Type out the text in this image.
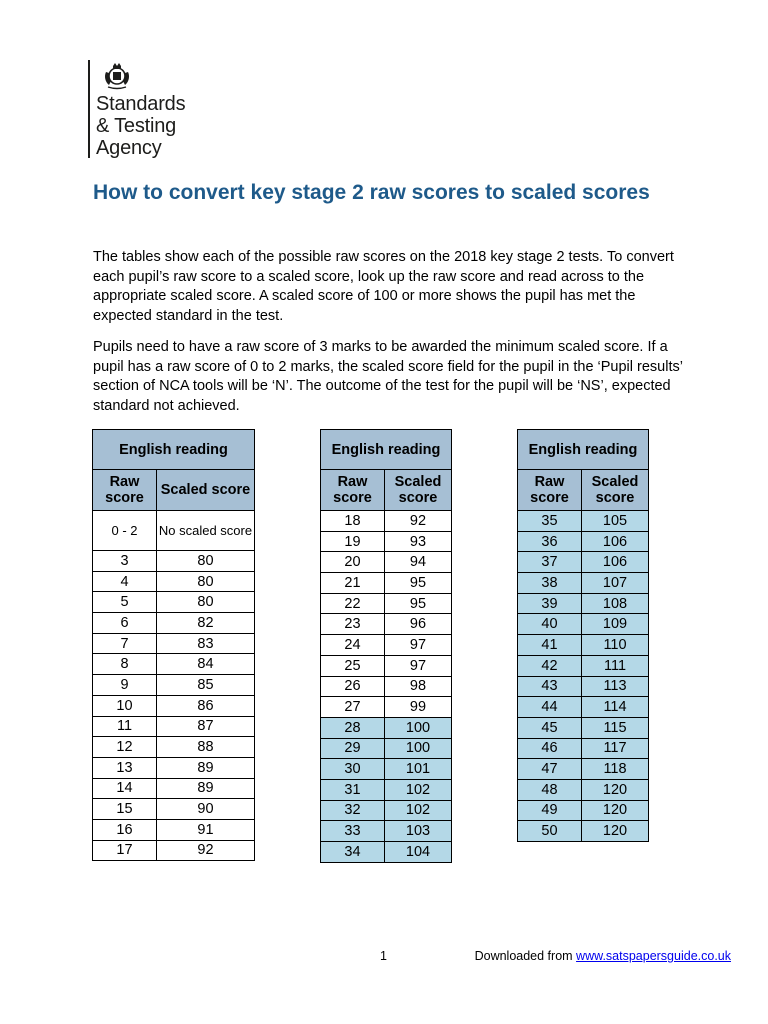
Standards
& Testing
Agency
How to convert key stage 2 raw scores to scaled scores

The tables show each of the possible raw scores on the 2018 key stage 2 tests. To convert each pupil’s raw score to a scaled score, look up the raw score and read across to the appropriate scaled score. A scaled score of 100 or more shows the pupil has met the expected standard in the test.

Pupils need to have a raw score of 3 marks to be awarded the minimum scaled score. If a pupil has a raw score of 0 to 2 marks, the scaled score field for the pupil in the ‘Pupil results’ section of NCA tools will be ‘N’. The outcome of the test for the pupil will be ‘NS’, expected standard not achieved.

English reading	
Raw score	Scaled score
0 - 2	No scaled score
3	80
4	80
5	80
6	82
7	83
8	84
9	85
10	86
11	87
12	88
13	89
14	89
15	90
16	91
17	92
English reading	
Raw score	Scaled score
18	92
19	93
20	94
21	95
22	95
23	96
24	97
25	97
26	98
27	99
28	100
29	100
30	101
31	102
32	102
33	103
34	104
English reading	
Raw score	Scaled score
35	105
36	106
37	106
38	107
39	108
40	109
41	110
42	111
43	113
44	114
45	115
46	117
47	118
48	120
49	120
50	120
1	Downloaded from www.satspapersguide.co.uk
